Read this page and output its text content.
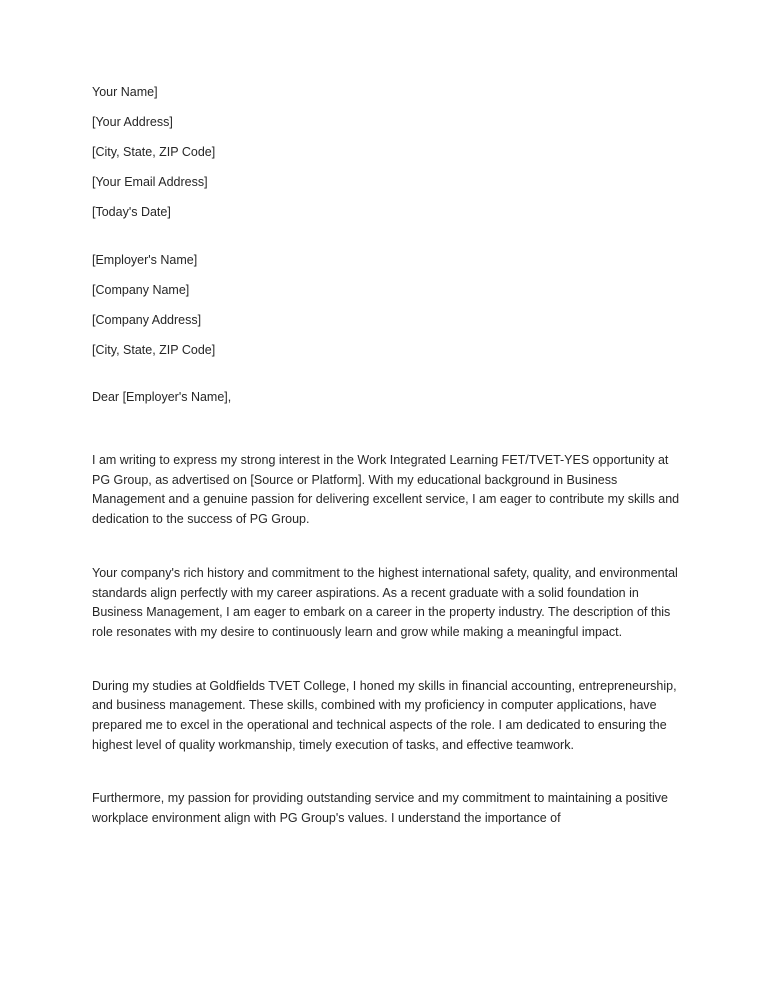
Your Name]
[Your Address]
[City, State, ZIP Code]
[Your Email Address]
[Today's Date]
[Employer's Name]
[Company Name]
[Company Address]
[City, State, ZIP Code]
Dear [Employer's Name],

I am writing to express my strong interest in the Work Integrated Learning FET/TVET-YES opportunity at PG Group, as advertised on [Source or Platform]. With my educational background in Business Management and a genuine passion for delivering excellent service, I am eager to contribute my skills and dedication to the success of PG Group.

Your company's rich history and commitment to the highest international safety, quality, and environmental standards align perfectly with my career aspirations. As a recent graduate with a solid foundation in Business Management, I am eager to embark on a career in the property industry. The description of this role resonates with my desire to continuously learn and grow while making a meaningful impact.

During my studies at Goldfields TVET College, I honed my skills in financial accounting, entrepreneurship, and business management. These skills, combined with my proficiency in computer applications, have prepared me to excel in the operational and technical aspects of the role. I am dedicated to ensuring the highest level of quality workmanship, timely execution of tasks, and effective teamwork.

Furthermore, my passion for providing outstanding service and my commitment to maintaining a positive workplace environment align with PG Group's values. I understand the importance of
